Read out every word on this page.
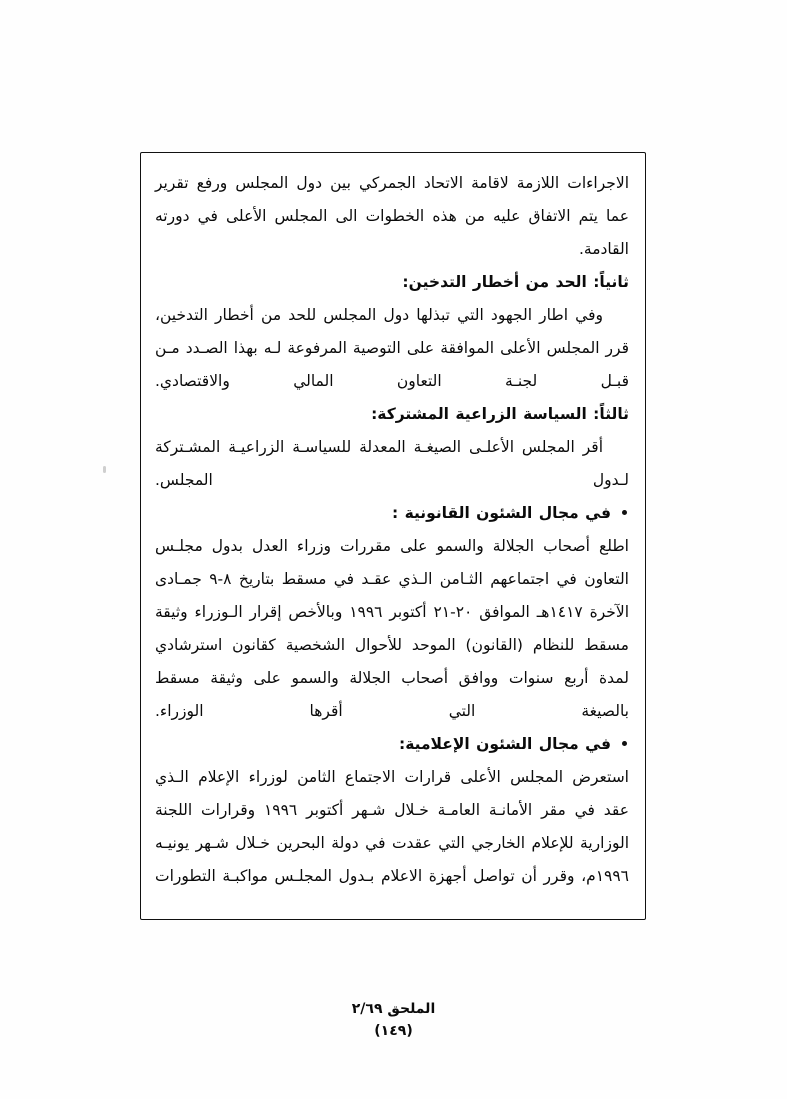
الاجراءات اللازمة لاقامة الاتحاد الجمركي بين دول المجلس ورفع تقرير عما يتم الاتفاق عليه من هذه الخطوات الى المجلس الأعلى في دورته القادمة.

ثانياً: الحد من أخطار التدخين:

وفي اطار الجهود التي تبذلها دول المجلس للحد من أخطار التدخين، قرر المجلس الأعلى الموافقة على التوصية المرفوعة لـه بهذا الصـدد مـن قبـل لجنـة التعاون المالي والاقتصادي.

ثالثاً: السياسة الزراعية المشتركة:

أقر المجلس الأعلـى الصيغـة المعدلة للسياسـة الزراعيـة المشـتركة لـدول المجلس.

في مجال الشئون القانونية :

اطلع أصحاب الجلالة والسمو على مقررات وزراء العدل بدول مجلـس التعاون في اجتماعهم الثـامن الـذي عقـد في مسقط بتاريخ ٨-٩ جمـادى الآخرة ١٤١٧هـ الموافق ٢٠-٢١ أكتوبر ١٩٩٦ وبالأخص إقرار الـوزراء وثيقة مسقط للنظام (القانون) الموحد للأحوال الشخصية كقانون استرشادي لمدة أربع سنوات ووافق أصحاب الجلالة والسمو على وثيقة مسقط بالصيغة التي أقرها الوزراء.

في مجال الشئون الإعلامية:

استعرض المجلس الأعلى قرارات الاجتماع الثامن لوزراء الإعلام الـذي عقد في مقر الأمانـة العامـة خـلال شـهر أكتوبر ١٩٩٦ وقرارات اللجنة الوزارية للإعلام الخارجي التي عقدت في دولة البحرين خـلال شـهر يونيـه ١٩٩٦م، وقرر أن تواصل أجهزة الاعلام بـدول المجلـس مواكبـة التطورات

الملحق ٢/٦٩
(١٤٩)
